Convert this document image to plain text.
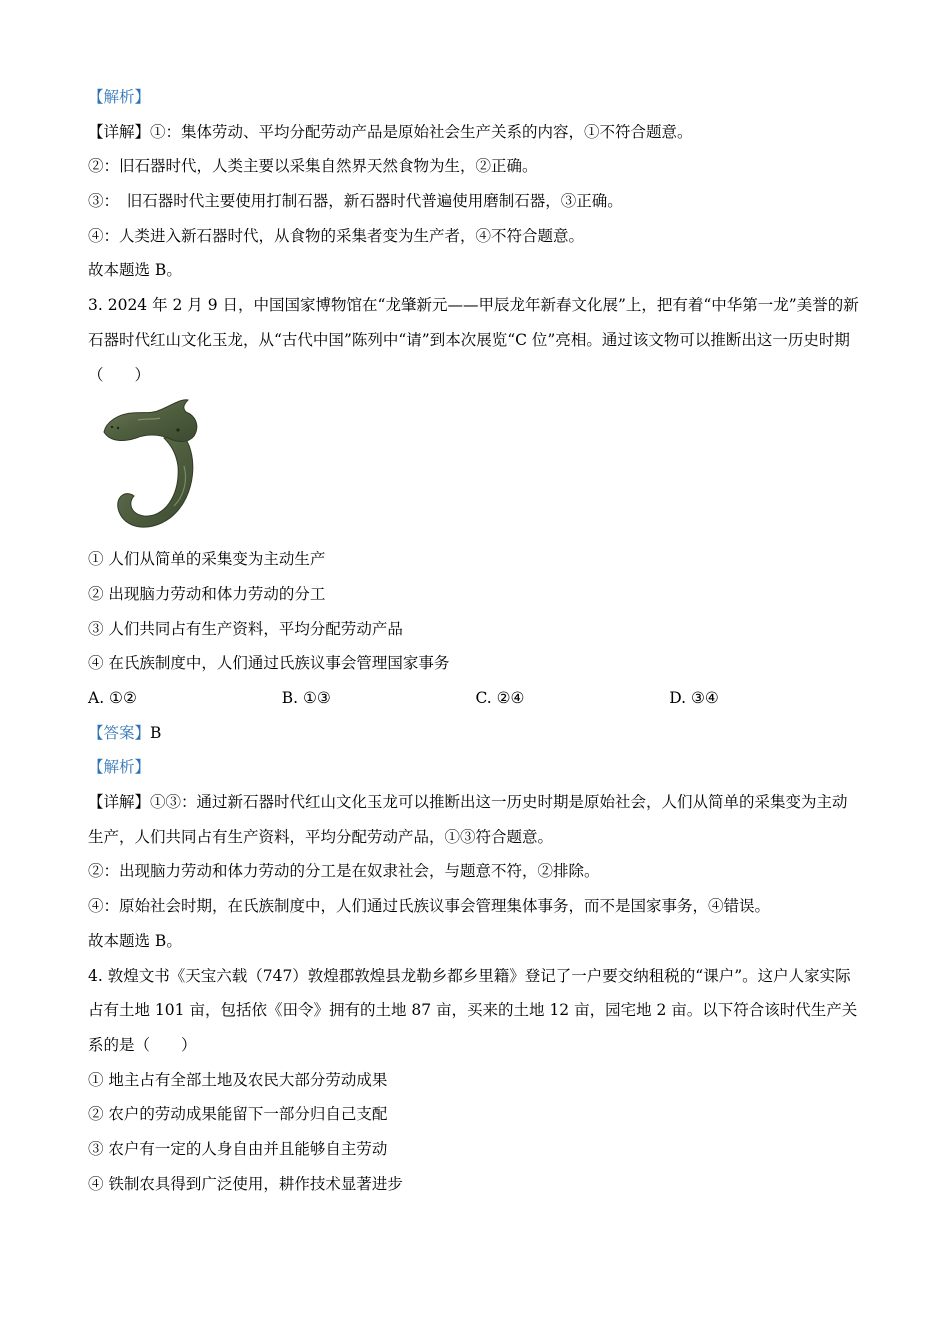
【解析】
【详解】①：集体劳动、平均分配劳动产品是原始社会生产关系的内容，①不符合题意。
②：旧石器时代，人类主要以采集自然界天然食物为生，②正确。
③：　旧石器时代主要使用打制石器，新石器时代普遍使用磨制石器，③正确。
④：人类进入新石器时代，从食物的采集者变为生产者，④不符合题意。
故本题选 B。
3. 2024 年 2 月 9 日，中国国家博物馆在“龙肇新元——甲辰龙年新春文化展”上，把有着“中华第一龙”美誉的新石器时代红山文化玉龙，从“古代中国”陈列中“请”到本次展览“C 位”亮相。通过该文物可以推断出这一历史时期（　　）
① 人们从简单的采集变为主动生产
② 出现脑力劳动和体力劳动的分工
③ 人们共同占有生产资料，平均分配劳动产品
④ 在氏族制度中，人们通过氏族议事会管理国家事务
A. ①②	B. ①③	C. ②④	D. ③④
【答案】B
【解析】
【详解】①③：通过新石器时代红山文化玉龙可以推断出这一历史时期是原始社会，人们从简单的采集变为主动生产，人们共同占有生产资料，平均分配劳动产品，①③符合题意。
②：出现脑力劳动和体力劳动的分工是在奴隶社会，与题意不符，②排除。
④：原始社会时期，在氏族制度中，人们通过氏族议事会管理集体事务，而不是国家事务，④错误。
故本题选 B。
4. 敦煌文书《天宝六载（747）敦煌郡敦煌县龙勒乡都乡里籍》登记了一户要交纳租税的“课户”。这户人家实际占有土地 101 亩，包括依《田令》拥有的土地 87 亩，买来的土地 12 亩，园宅地 2 亩。以下符合该时代生产关系的是（　　）
① 地主占有全部土地及农民大部分劳动成果
② 农户的劳动成果能留下一部分归自己支配
③ 农户有一定的人身自由并且能够自主劳动
④ 铁制农具得到广泛使用，耕作技术显著进步
